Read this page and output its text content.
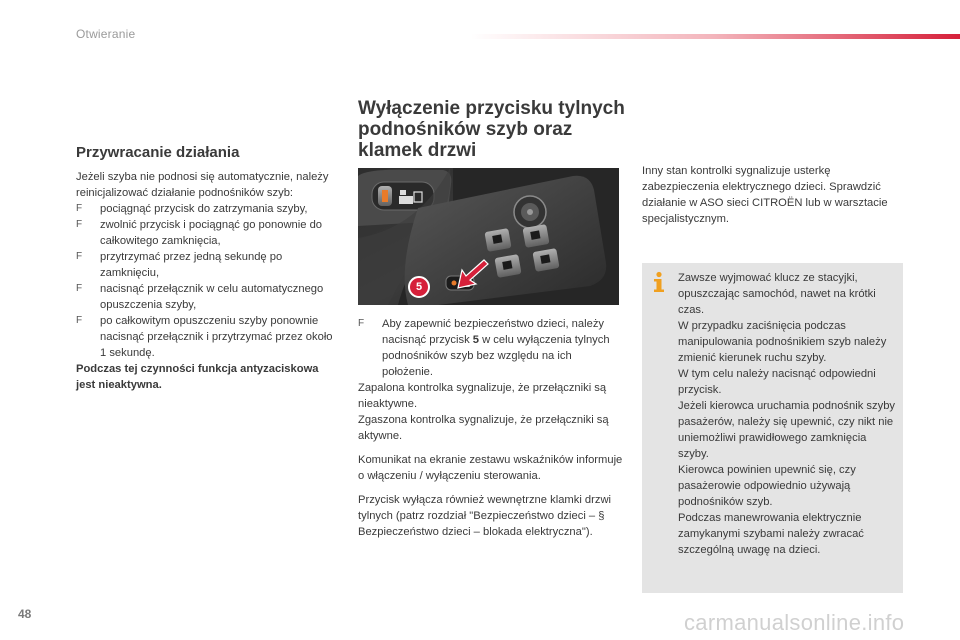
Otwieranie
Przywracanie działania

Jeżeli szyba nie podnosi się automatycznie, należy reinicjalizować działanie podnośników szyb:

F pociągnąć przycisk do zatrzymania szyby,
F zwolnić przycisk i pociągnąć go ponownie do całkowitego zamknięcia,
F przytrzymać przez jedną sekundę po zamknięciu,
F nacisnąć przełącznik w celu automatycznego opuszczenia szyby,
F po całkowitym opuszczeniu szyby ponownie nacisnąć przełącznik i przytrzymać przez około 1 sekundę.

Podczas tej czynności funkcja antyzaciskowa jest nieaktywna.

Wyłączenie przycisku tylnych podnośników szyb oraz klamek drzwi
5
F Aby zapewnić bezpieczeństwo dzieci, należy nacisnąć przycisk 5 w celu wyłączenia tylnych podnośników szyb bez względu na ich położenie.

Zapalona kontrolka sygnalizuje, że przełączniki są nieaktywne.

Zgaszona kontrolka sygnalizuje, że przełączniki są aktywne.

Komunikat na ekranie zestawu wskaźników informuje o włączeniu / wyłączeniu sterowania.

Przycisk wyłącza również wewnętrzne klamki drzwi tylnych (patrz rozdział "Bezpieczeństwo dzieci – § Bezpieczeństwo dzieci – blokada elektryczna").

Inny stan kontrolki sygnalizuje usterkę zabezpieczenia elektrycznego dzieci. Sprawdzić działanie w ASO sieci CITROËN lub w warsztacie specjalistycznym.

Zawsze wyjmować klucz ze stacyjki, opuszczając samochód, nawet na krótki czas.

W przypadku zaciśnięcia podczas manipulowania podnośnikiem szyb należy zmienić kierunek ruchu szyby.

W tym celu należy nacisnąć odpowiedni przycisk.

Jeżeli kierowca uruchamia podnośnik szyby pasażerów, należy się upewnić, czy nikt nie uniemożliwi prawidłowego zamknięcia szyby.

Kierowca powinien upewnić się, czy pasażerowie odpowiednio używają podnośników szyb.

Podczas manewrowania elektrycznie zamykanymi szybami należy zwracać szczególną uwagę na dzieci.

48	carmanualsonline.info
